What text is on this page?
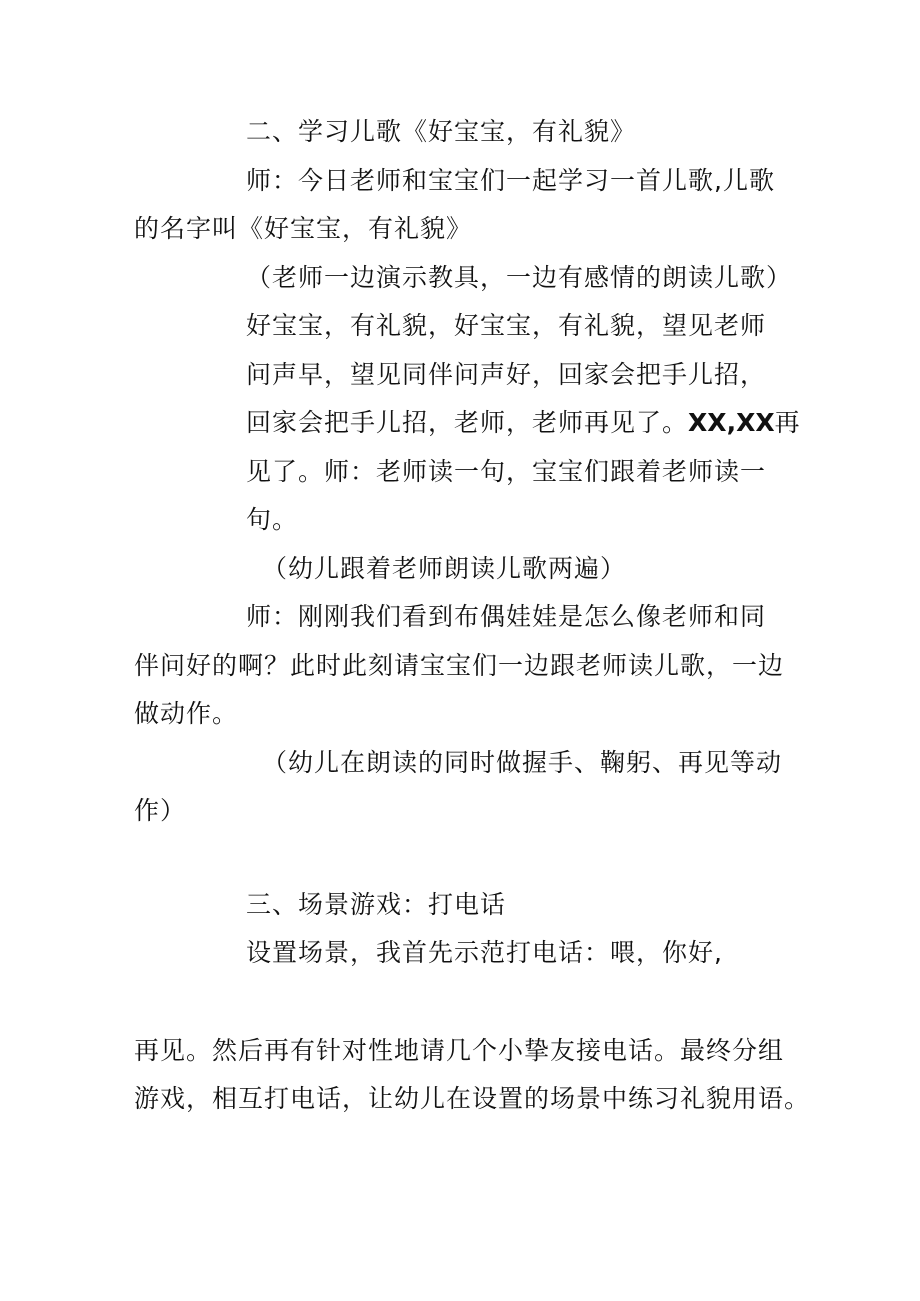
二、学习儿歌《好宝宝，有礼貌》
师：今日老师和宝宝们一起学习一首儿歌,儿歌
的名字叫《好宝宝，有礼貌》
（老师一边演示教具，一边有感情的朗读儿歌）
好宝宝，有礼貌，好宝宝，有礼貌，望见老师
问声早，望见同伴问声好，回家会把手儿招，
回家会把手儿招，老师，老师再见了。XX,XX再
见了。师：老师读一句，宝宝们跟着老师读一
句。
（幼儿跟着老师朗读儿歌两遍）
师：刚刚我们看到布偶娃娃是怎么像老师和同
伴问好的啊？此时此刻请宝宝们一边跟老师读儿歌，一边
做动作。
（幼儿在朗读的同时做握手、鞠躬、再见等动
作）
三、场景游戏：打电话
设置场景，我首先示范打电话：喂，你好,
再见。然后再有针对性地请几个小挚友接电话。最终分组
游戏，相互打电话，让幼儿在设置的场景中练习礼貌用语。
